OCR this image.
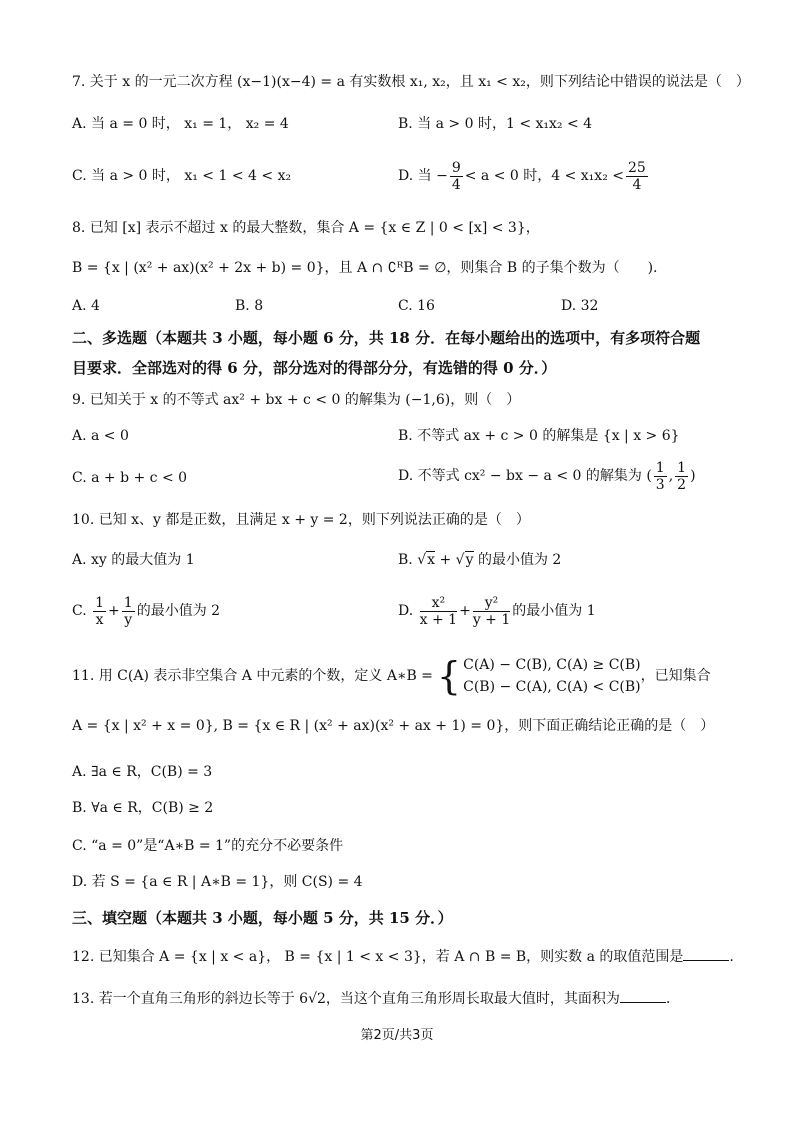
7. 关于 x 的一元二次方程 (x−1)(x−4) = a 有实数根 x₁, x₂，且 x₁ < x₂，则下列结论中错误的说法是（　）
A. 当 a = 0 时， x₁ = 1， x₂ = 4	B. 当 a > 0 时，1 < x₁x₂ < 4
C. 当 a > 0 时， x₁ < 1 < 4 < x₂	D. 当 − $\frac{9}{4} < a < 0$ 时，$4 < x_1x_2 < \frac{25}{4}$
8. 已知 [x] 表示不超过 x 的最大整数，集合 A = {x ∈ Z | 0 < [x] < 3}，
B = {x | (x² + ax)(x² + 2x + b) = 0}，且 A ∩ ∁ᴿB = ∅，则集合 B 的子集个数为（　　).
A. 4	B. 8	C. 16	D. 32
二、多选题（本题共 3 小题，每小题 6 分，共 18 分．在每小题给出的选项中，有多项符合题
目要求．全部选对的得 6 分，部分选对的得部分分，有选错的得 0 分．）
9. 已知关于 x 的不等式 ax² + bx + c < 0 的解集为 (−1,6)，则（　）
A. a < 0	B. 不等式 ax + c > 0 的解集是 {x | x > 6}
C. a + b + c < 0	D. 不等式 cx² − bx − a < 0 的解集为 ( $\frac{1}{3}$ , $\frac{1}{2}$ )
10. 已知 x、y 都是正数，且满足 x + y = 2，则下列说法正确的是（　）
A. xy 的最大值为 1	B. √x + √y 的最小值为 2
C. $\frac{1}{x} + \frac{1}{y}$ 的最小值为 2	D. $\frac{\text{x²}}{x + 1} + \frac{\text{y²}}{y + 1}$ 的最小值为 1
11. 用 C(A) 表示非空集合 A 中元素的个数，定义 A∗B = { C(A) − C(B), C(A) ≥ C(B)
C(B) − C(A), C(A) < C(B)
，已知集合
A = {x | x² + x = 0}, B = {x ∈ R | (x² + ax)(x² + ax + 1) = 0}，则下面正确结论正确的是（　）
A. ∃a ∈ R，C(B) = 3
B. ∀a ∈ R，C(B) ≥ 2
C. “a = 0”是“A∗B = 1”的充分不必要条件
D. 若 S = {a ∈ R | A∗B = 1}，则 C(S) = 4
三、填空题（本题共 3 小题，每小题 5 分，共 15 分．）
12. 已知集合 A = {x | x < a}， B = {x | 1 < x < 3}，若 A ∩ B = B，则实数 a 的取值范围是	.
13. 若一个直角三角形的斜边长等于 6√2，当这个直角三角形周长取最大值时，其面积为	.
第2页/共3页
